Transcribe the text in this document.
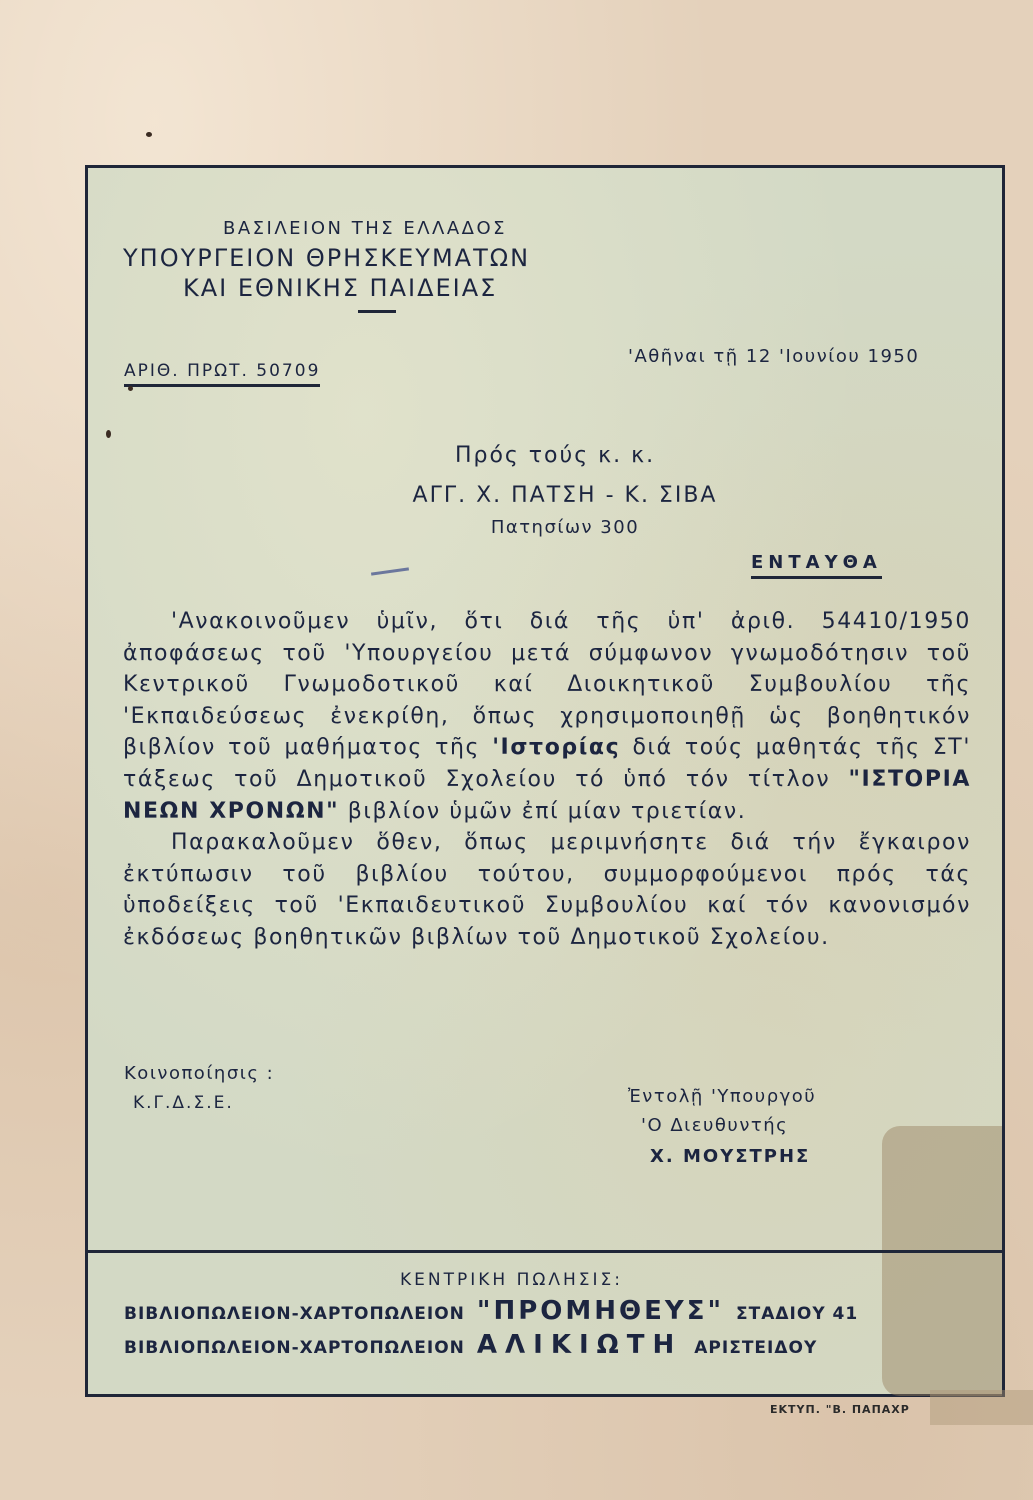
ΒΑΣΙΛΕΙΟΝ ΤΗΣ ΕΛΛΑΔΟΣ
ΥΠΟΥΡΓΕΙΟΝ ΘΡΗΣΚΕΥΜΑΤΩΝ
ΚΑΙ ΕΘΝΙΚΗΣ ΠΑΙΔΕΙΑΣ
ΑΡΙΘ. ΠΡΩΤ. 50709
'Αθῆναι τῇ 12 'Ιουνίου 1950
Πρός τούς κ. κ.
ΑΓΓ. Χ. ΠΑΤΣΗ - Κ. ΣΙΒΑ
Πατησίων 300
ΕΝΤΑΥΘΑ

'Ανακοινοῦμεν ὑμῖν, ὅτι διά τῆς ὑπ' ἀριθ. 54410/1950 ἀποφάσεως τοῦ 'Υπουργείου μετά σύμφωνον γνωμοδότησιν τοῦ Κεντρικοῦ Γνωμοδοτικοῦ καί Διοικητικοῦ Συμβουλίου τῆς 'Εκπαιδεύσεως ἐνεκρίθη, ὅπως χρησιμοποιηθῇ ὡς βοηθητικόν βιβλίον τοῦ μαθήματος τῆς 'Ιστορίας διά τούς μαθητάς τῆς ΣΤ' τάξεως τοῦ Δημοτικοῦ Σχολείου τό ὑπό τόν τίτλον "ΙΣΤΟΡΙΑ ΝΕΩΝ ΧΡΟΝΩΝ" βιβλίον ὑμῶν ἐπί μίαν τριετίαν.

Παρακαλοῦμεν ὅθεν, ὅπως μεριμνήσητε διά τήν ἔγκαιρον ἐκτύπωσιν τοῦ βιβλίου τούτου, συμμορφούμενοι πρός τάς ὑποδείξεις τοῦ 'Εκπαιδευτικοῦ Συμβουλίου καί τόν κανονισμόν ἐκδόσεως βοηθητικῶν βιβλίων τοῦ Δημοτικοῦ Σχολείου.

Κοινοποίησις :
Κ.Γ.Δ.Σ.Ε.	Ἐντολῇ 'Υπουργοῦ
'Ο Διευθυντής
Χ. ΜΟΥΣΤΡΗΣ
ΚΕΝΤΡΙΚΗ ΠΩΛΗΣΙΣ:
ΒΙΒΛΙΟΠΩΛΕΙΟΝ-ΧΑΡΤΟΠΩΛΕΙΟΝ "ΠΡΟΜΗΘΕΥΣ" ΣΤΑΔΙΟΥ 41
ΒΙΒΛΙΟΠΩΛΕΙΟΝ-ΧΑΡΤΟΠΩΛΕΙΟΝ ΑΛΙΚΙΩΤΗ ΑΡΙΣΤΕΙΔΟΥ
ΕΚΤΥΠ. "Β. ΠΑΠΑΧΡ
